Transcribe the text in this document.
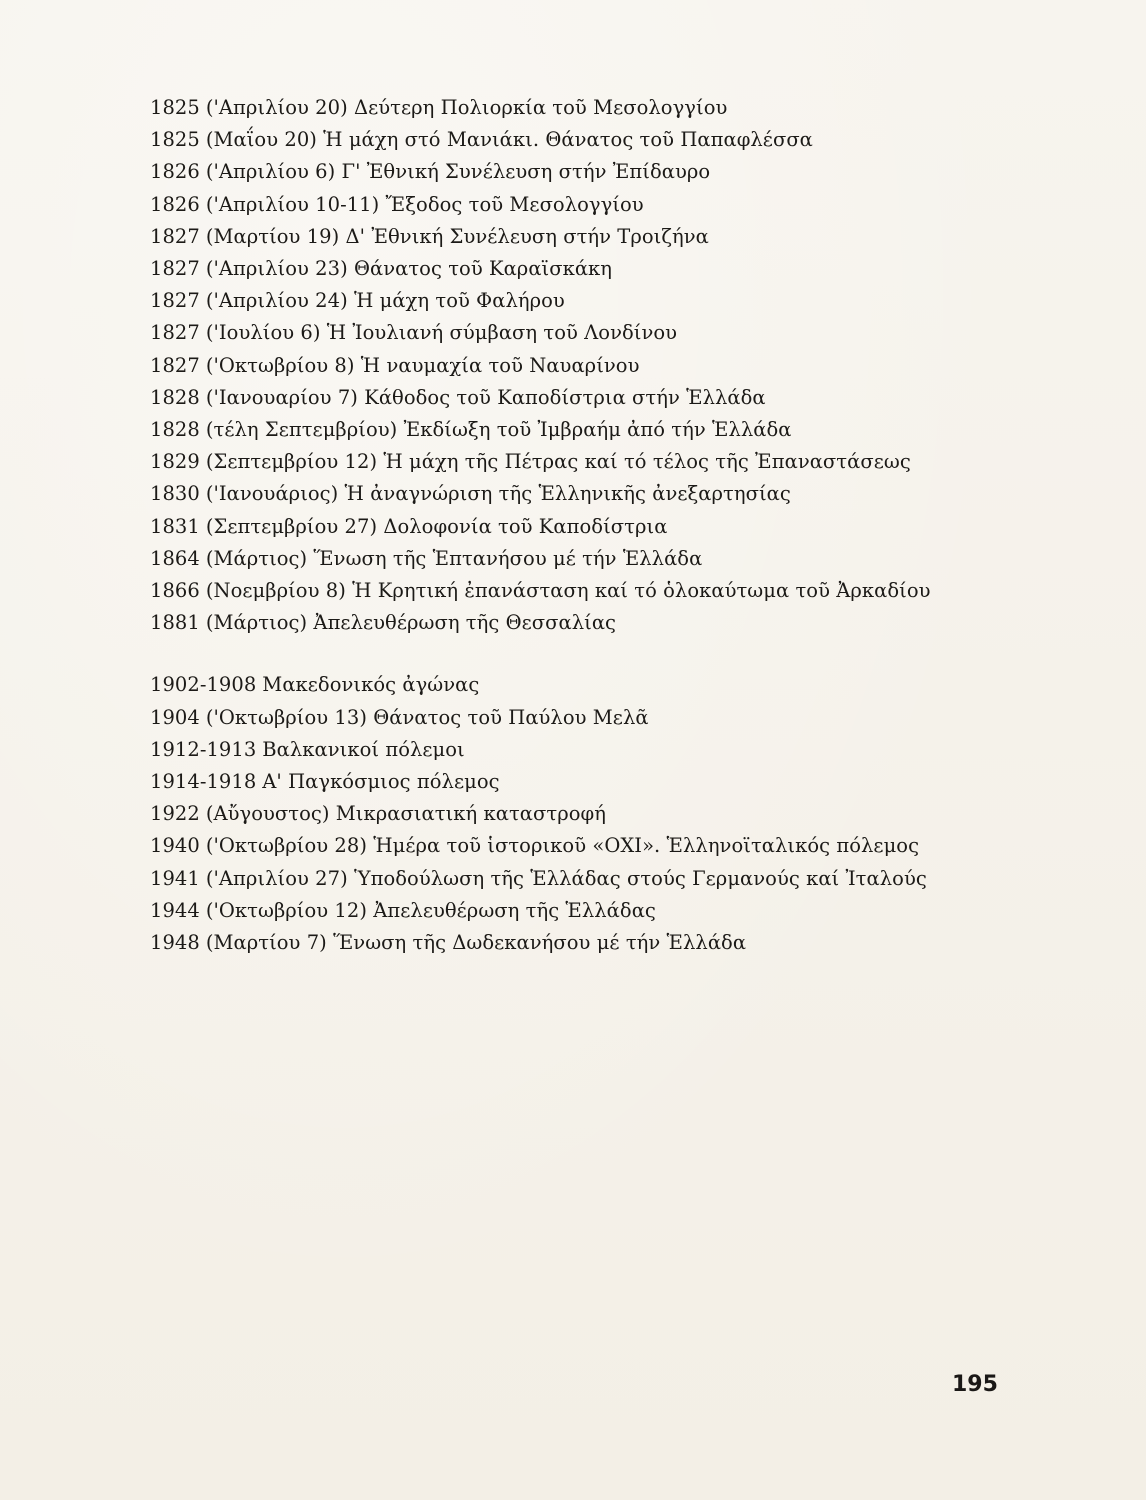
1825 ('Απριλίου 20) Δεύτερη Πολιορκία τοῦ Μεσολογγίου
1825 (Μαΐου 20) Ἡ μάχη στό Μανιάκι. Θάνατος τοῦ Παπαφλέσσα
1826 ('Απριλίου 6) Γ' Ἐθνική Συνέλευση στήν Ἐπίδαυρο
1826 ('Απριλίου 10-11) Ἔξοδος τοῦ Μεσολογγίου
1827 (Μαρτίου 19) Δ' Ἐθνική Συνέλευση στήν Τροιζήνα
1827 ('Απριλίου 23) Θάνατος τοῦ Καραϊσκάκη
1827 ('Απριλίου 24) Ἡ μάχη τοῦ Φαλήρου
1827 ('Ιουλίου 6) Ἡ Ἰουλιανή σύμβαση τοῦ Λονδίνου
1827 ('Οκτωβρίου 8) Ἡ ναυμαχία τοῦ Ναυαρίνου
1828 ('Ιανουαρίου 7) Κάθοδος τοῦ Καποδίστρια στήν Ἑλλάδα
1828 (τέλη Σεπτεμβρίου) Ἐκδίωξη τοῦ Ἰμβραήμ ἀπό τήν Ἑλλάδα
1829 (Σεπτεμβρίου 12) Ἡ μάχη τῆς Πέτρας καί τό τέλος τῆς Ἐπαναστάσεως
1830 ('Ιανουάριος) Ἡ ἀναγνώριση τῆς Ἑλληνικῆς ἀνεξαρτησίας
1831 (Σεπτεμβρίου 27) Δολοφονία τοῦ Καποδίστρια
1864 (Μάρτιος) Ἕνωση τῆς Ἑπτανήσου μέ τήν Ἑλλάδα
1866 (Νοεμβρίου 8) Ἡ Κρητική ἐπανάσταση καί τό ὁλοκαύτωμα τοῦ Ἀρκαδίου
1881 (Μάρτιος) Ἀπελευθέρωση τῆς Θεσσαλίας
1902-1908 Μακεδονικός ἀγώνας
1904 ('Οκτωβρίου 13) Θάνατος τοῦ Παύλου Μελᾶ
1912-1913 Βαλκανικοί πόλεμοι
1914-1918 Α' Παγκόσμιος πόλεμος
1922 (Αὔγουστος) Μικρασιατική καταστροφή
1940 ('Οκτωβρίου 28) Ἡμέρα τοῦ ἱστορικοῦ «ΟΧΙ». Ἑλληνοϊταλικός πόλεμος
1941 ('Απριλίου 27) Ὑποδούλωση τῆς Ἑλλάδας στούς Γερμανούς καί Ἰταλούς
1944 ('Οκτωβρίου 12) Ἀπελευθέρωση τῆς Ἑλλάδας
1948 (Μαρτίου 7) Ἕνωση τῆς Δωδεκανήσου μέ τήν Ἑλλάδα
195
